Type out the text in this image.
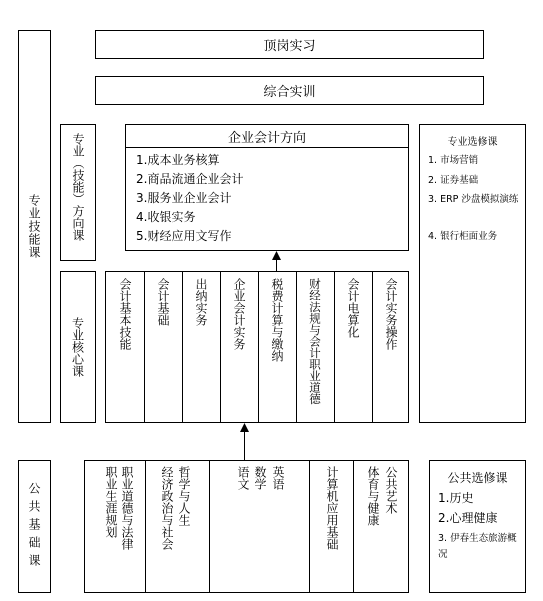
顶岗实习
综合实训
专业技能课	专业（技能）方向课	企业会计方向
1.成本业务核算
2.商品流通企业会计
3.服务业企业会计
4.收银实务
5.财经应用文写作
专业选修课
1. 市场营销
2. 证券基础
3. ERP 沙盘模拟演练
4. 银行柜面业务
专业核心课	会计基本技能 会计基础 出纳实务 企业会计实务 税费计算与缴纳 财经法规与会计职业道德 会计电算化 会计实务操作
公共基础课	职业生涯规划 职业道德与法律 经济政治与社会 哲学与人生	语文 数学 英语	计算机应用基础 体育与健康 公共艺术	公共选修课
1.历史
2.心理健康
3. 伊春生态旅游概况
